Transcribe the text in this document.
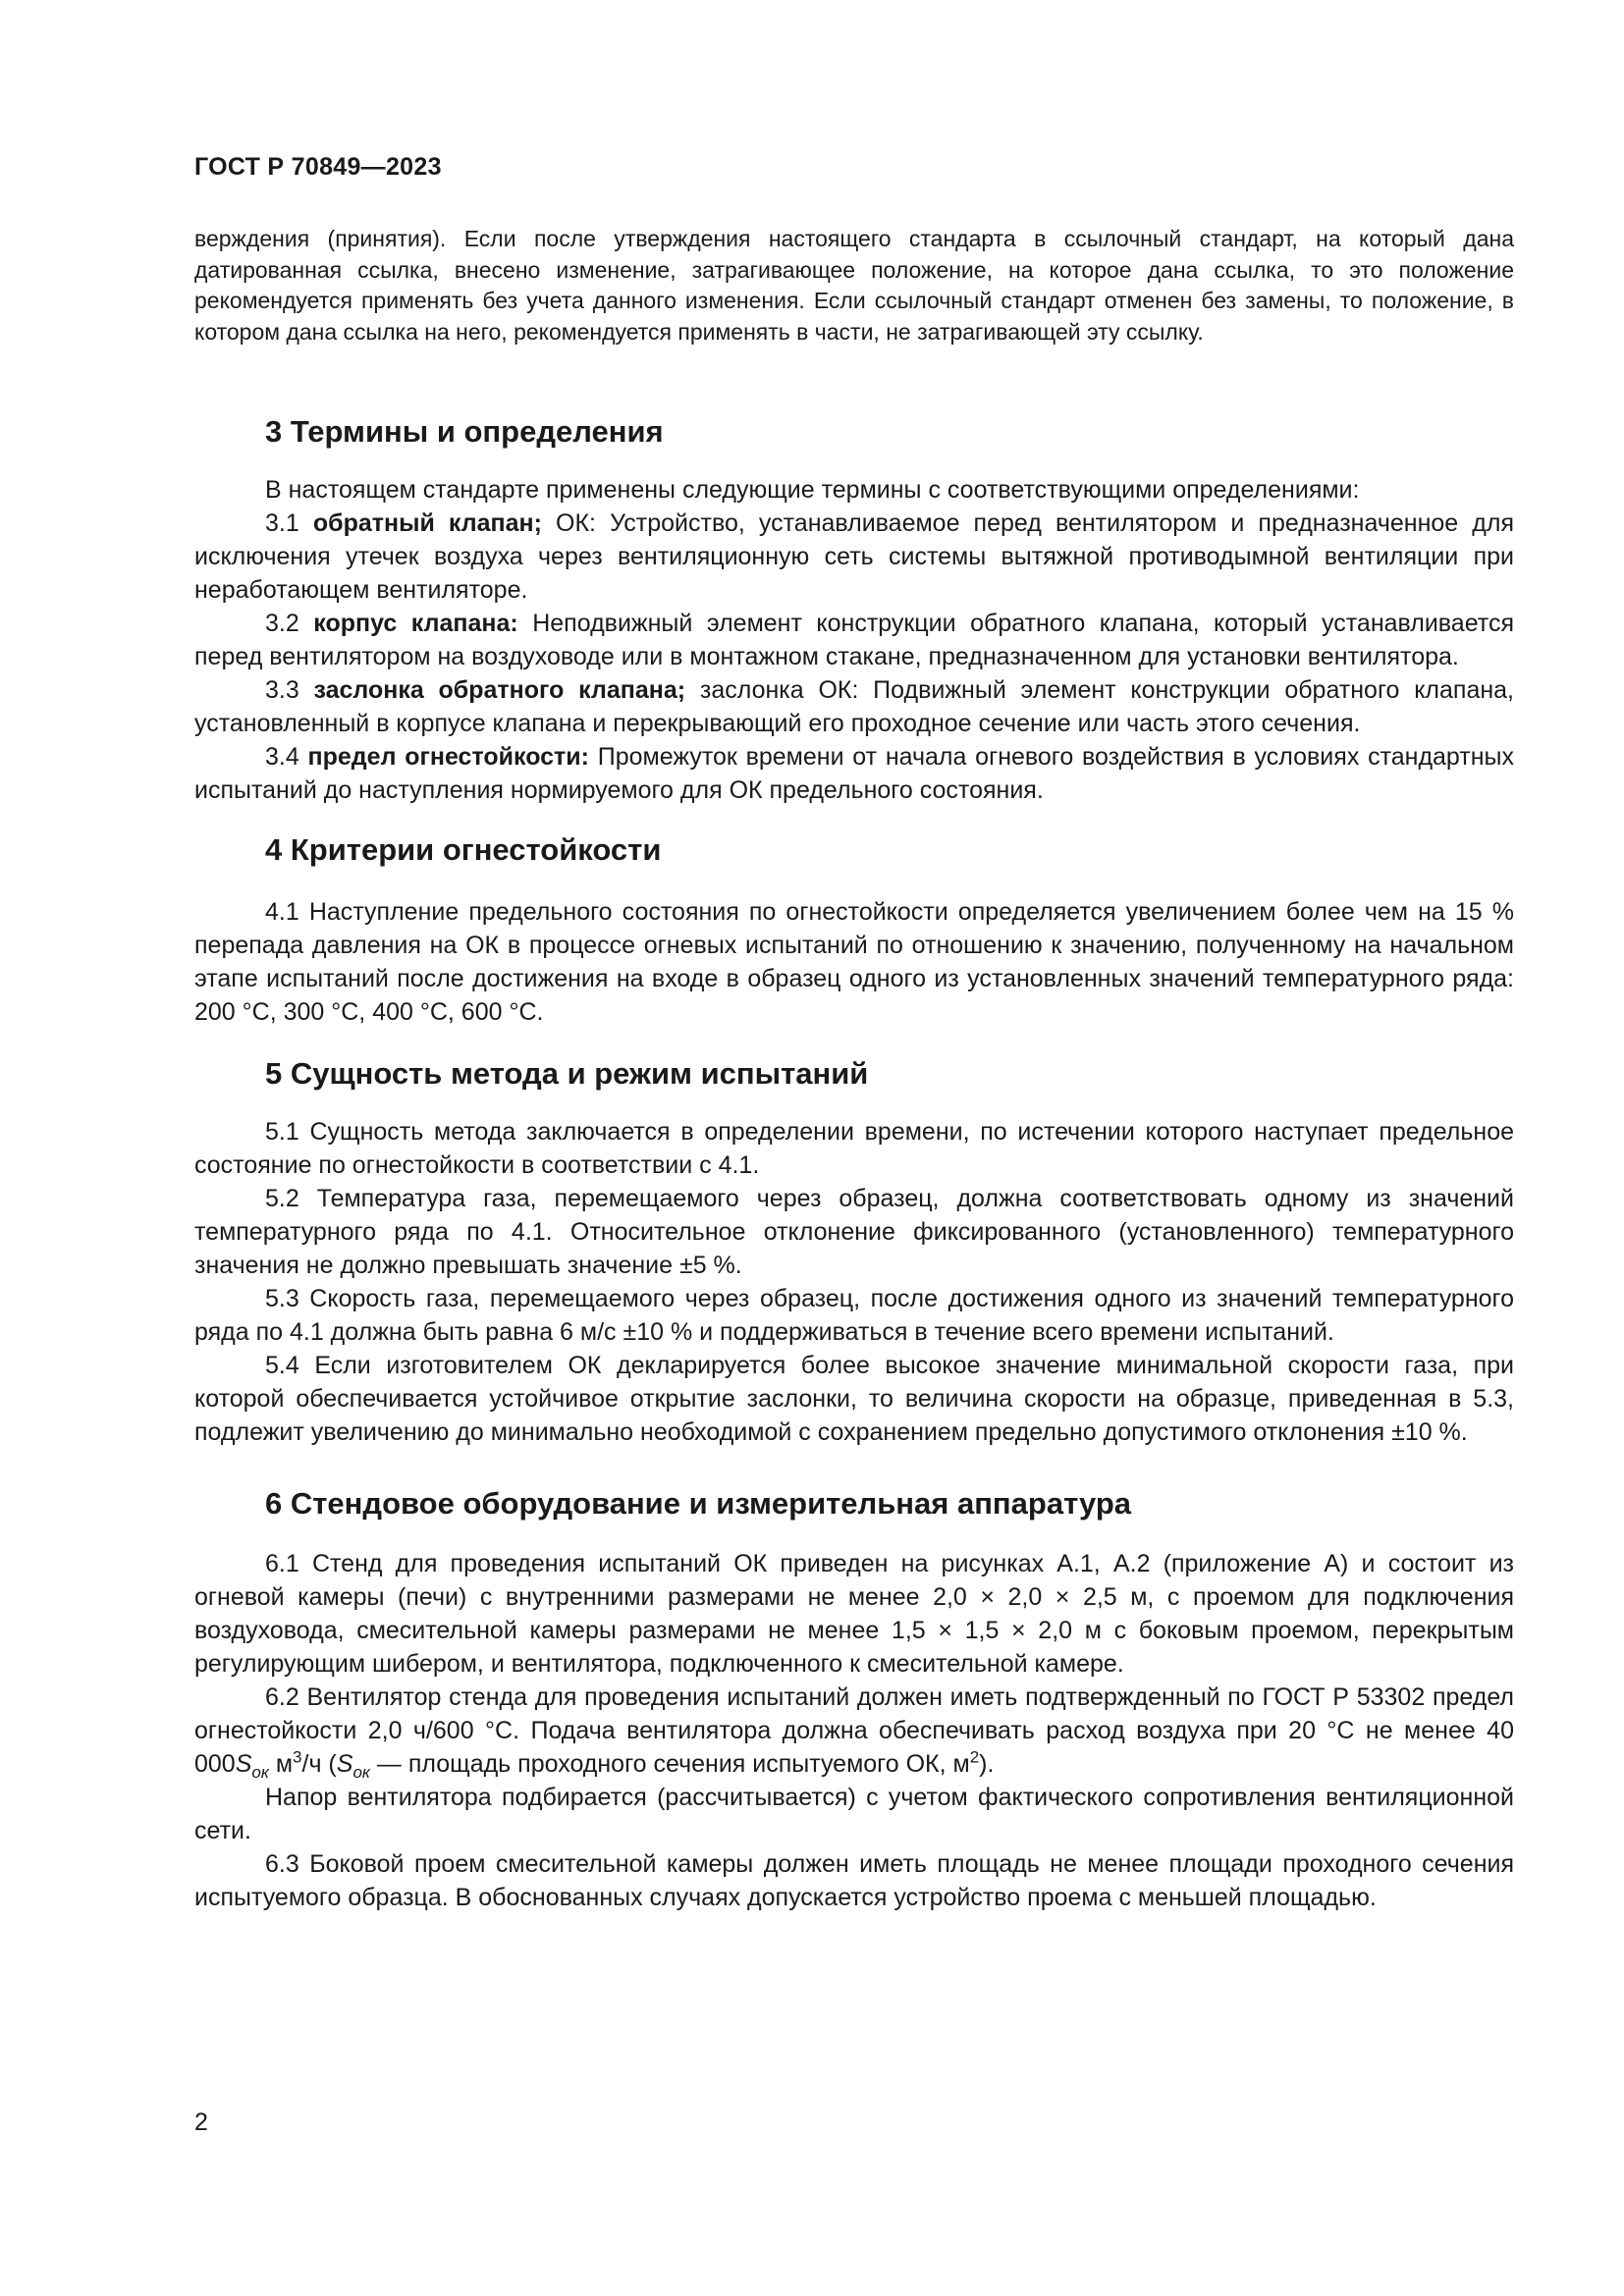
ГОСТ Р 70849—2023

верждения (принятия). Если после утверждения настоящего стандарта в ссылочный стандарт, на который дана датированная ссылка, внесено изменение, затрагивающее положение, на которое дана ссылка, то это положение рекомендуется применять без учета данного изменения. Если ссылочный стандарт отменен без замены, то положение, в котором дана ссылка на него, рекомендуется применять в части, не затрагивающей эту ссылку.

3 Термины и определения

В настоящем стандарте применены следующие термины с соответствующими определениями:

3.1 обратный клапан; ОК: Устройство, устанавливаемое перед вентилятором и предназначенное для исключения утечек воздуха через вентиляционную сеть системы вытяжной противодымной вентиляции при неработающем вентиляторе.

3.2 корпус клапана: Неподвижный элемент конструкции обратного клапана, который устанавливается перед вентилятором на воздуховоде или в монтажном стакане, предназначенном для установки вентилятора.

3.3 заслонка обратного клапана; заслонка ОК: Подвижный элемент конструкции обратного клапана, установленный в корпусе клапана и перекрывающий его проходное сечение или часть этого сечения.

3.4 предел огнестойкости: Промежуток времени от начала огневого воздействия в условиях стандартных испытаний до наступления нормируемого для ОК предельного состояния.

4 Критерии огнестойкости

4.1 Наступление предельного состояния по огнестойкости определяется увеличением более чем на 15 % перепада давления на ОК в процессе огневых испытаний по отношению к значению, полученному на начальном этапе испытаний после достижения на входе в образец одного из установленных значений температурного ряда: 200 °С, 300 °С, 400 °С, 600 °С.

5 Сущность метода и режим испытаний

5.1 Сущность метода заключается в определении времени, по истечении которого наступает предельное состояние по огнестойкости в соответствии с 4.1.

5.2 Температура газа, перемещаемого через образец, должна соответствовать одному из значений температурного ряда по 4.1. Относительное отклонение фиксированного (установленного) температурного значения не должно превышать значение ±5 %.

5.3 Скорость газа, перемещаемого через образец, после достижения одного из значений температурного ряда по 4.1 должна быть равна 6 м/с ±10 % и поддерживаться в течение всего времени испытаний.

5.4 Если изготовителем ОК декларируется более высокое значение минимальной скорости газа, при которой обеспечивается устойчивое открытие заслонки, то величина скорости на образце, приведенная в 5.3, подлежит увеличению до минимально необходимой с сохранением предельно допустимого отклонения ±10 %.

6 Стендовое оборудование и измерительная аппаратура

6.1 Стенд для проведения испытаний ОК приведен на рисунках А.1, А.2 (приложение А) и состоит из огневой камеры (печи) с внутренними размерами не менее 2,0 × 2,0 × 2,5 м, с проемом для подключения воздуховода, смесительной камеры размерами не менее 1,5 × 1,5 × 2,0 м с боковым проемом, перекрытым регулирующим шибером, и вентилятора, подключенного к смесительной камере.

6.2 Вентилятор стенда для проведения испытаний должен иметь подтвержденный по ГОСТ Р 53302 предел огнестойкости 2,0 ч/600 °С. Подача вентилятора должна обеспечивать расход воздуха при 20 °С не менее 40 $000S_{ок}$ $м^3/ч$ ($S_{ок}$ — площадь проходного сечения испытуемого ОК, $м^2$).

Напор вентилятора подбирается (рассчитывается) с учетом фактического сопротивления вентиляционной сети.

6.3 Боковой проем смесительной камеры должен иметь площадь не менее площади проходного сечения испытуемого образца. В обоснованных случаях допускается устройство проема с меньшей площадью.

2
